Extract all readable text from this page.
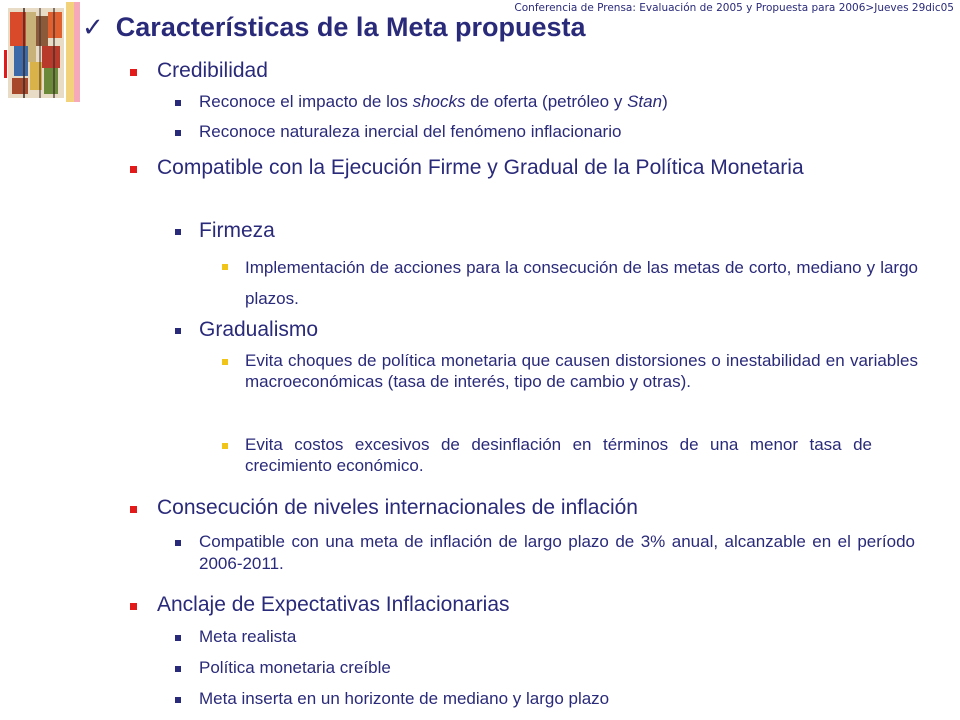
Conferencia de Prensa: Evaluación de 2005 y Propuesta para 2006>Jueves 29dic05
✓ Características de la Meta propuesta
Credibilidad
Reconoce el impacto de los shocks de oferta (petróleo y Stan)
Reconoce naturaleza inercial del fenómeno inflacionario
Compatible con la Ejecución Firme y Gradual de la Política Monetaria
Firmeza
Implementación de acciones para la consecución de las metas de corto, mediano y largo plazos.
Gradualismo
Evita choques de política monetaria que causen distorsiones o inestabilidad en variables macroeconómicas (tasa de interés, tipo de cambio y otras).
Evita costos excesivos de desinflación en términos de una menor tasa de crecimiento económico.
Consecución de niveles internacionales de inflación
Compatible con una meta de inflación de largo plazo de 3% anual, alcanzable en el período 2006-2011.
Anclaje de Expectativas Inflacionarias
Meta realista
Política monetaria creíble
Meta inserta en un horizonte de mediano y largo plazo
